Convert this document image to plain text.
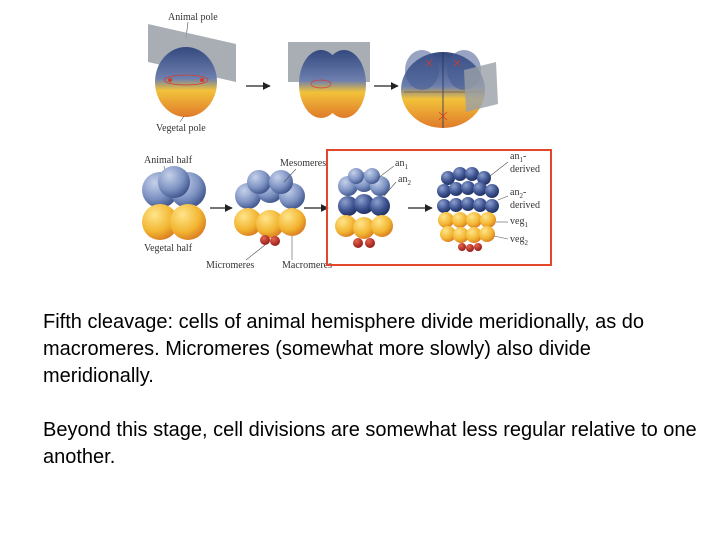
Animal pole
Vegetal pole
Animal half
Vegetal half
Mesomeres
Micromeres	Macromeres
$an_1$
$an_2$
$an_1-$
derived
$an_2-$
derived
veg$_1$
veg$_2$

Fifth cleavage: cells of animal hemisphere divide meridionally, as do macromeres. Micromeres (somewhat more slowly) also divide meridionally.

Beyond this stage, cell divisions are somewhat less regular relative to one another.
